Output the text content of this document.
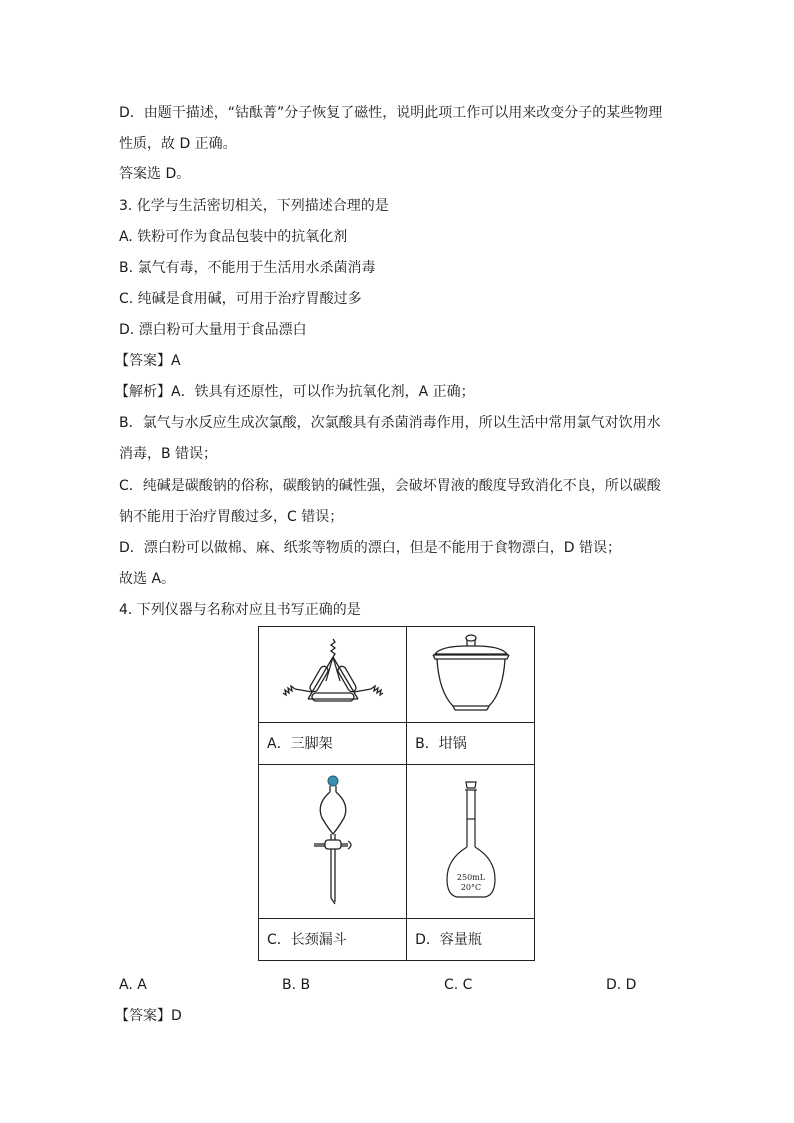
D．由题干描述，“钴酞菁”分子恢复了磁性，说明此项工作可以用来改变分子的某些物理
性质，故 D 正确。
答案选 D。
3. 化学与生活密切相关，下列描述合理的是
A. 铁粉可作为食品包装中的抗氧化剂
B. 氯气有毒，不能用于生活用水杀菌消毒
C. 纯碱是食用碱，可用于治疗胃酸过多
D. 漂白粉可大量用于食品漂白
【答案】A
【解析】A．铁具有还原性，可以作为抗氧化剂，A 正确；
B．氯气与水反应生成次氯酸，次氯酸具有杀菌消毒作用，所以生活中常用氯气对饮用水
消毒，B 错误；
C．纯碱是碳酸钠的俗称，碳酸钠的碱性强，会破坏胃液的酸度导致消化不良，所以碳酸
钠不能用于治疗胃酸过多，C 错误；
D．漂白粉可以做棉、麻、纸浆等物质的漂白，但是不能用于食物漂白，D 错误；
故选 A。
4. 下列仪器与名称对应且书写正确的是

A．三脚架	B．坩锅

250mL
20°C

C．长颈漏斗	D．容量瓶
A. A	B. B	C. C	D. D
【答案】D
